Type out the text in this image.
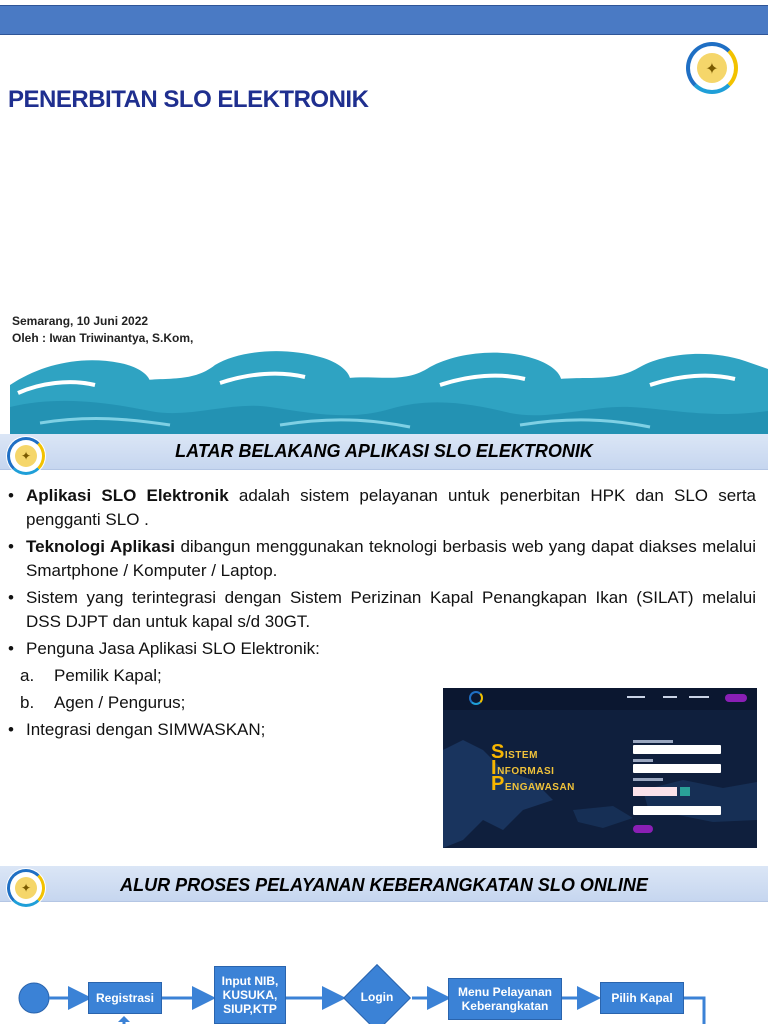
✦
PENERBITAN SLO ELEKTRONIK
Semarang, 10 Juni 2022
Oleh : Iwan Triwinantya, S.Kom,
✦	LATAR BELAKANG APLIKASI SLO ELEKTRONIK
• Aplikasi SLO Elektronik adalah sistem pelayanan untuk penerbitan HPK dan SLO serta pengganti SLO .
• Teknologi Aplikasi dibangun menggunakan teknologi berbasis web yang dapat diakses melalui Smartphone / Komputer / Laptop.
• Sistem yang terintegrasi dengan Sistem Perizinan Kapal Penangkapan Ikan (SILAT) melalui DSS DJPT dan untuk kapal s/d 30GT.
• Penguna Jasa Aplikasi SLO Elektronik:
a. Pemilik Kapal;
b. Agen / Pengurus;
• Integrasi dengan SIMWASKAN;
SISTEM
INFORMASI
PENGAWASAN
✦	ALUR PROSES PELAYANAN KEBERANGKATAN SLO ONLINE
Registrasi
Input NIB,
KUSUKA,
SIUP,KTP
Login	Menu Pelayanan
Keberangkatan
Pilih Kapal
